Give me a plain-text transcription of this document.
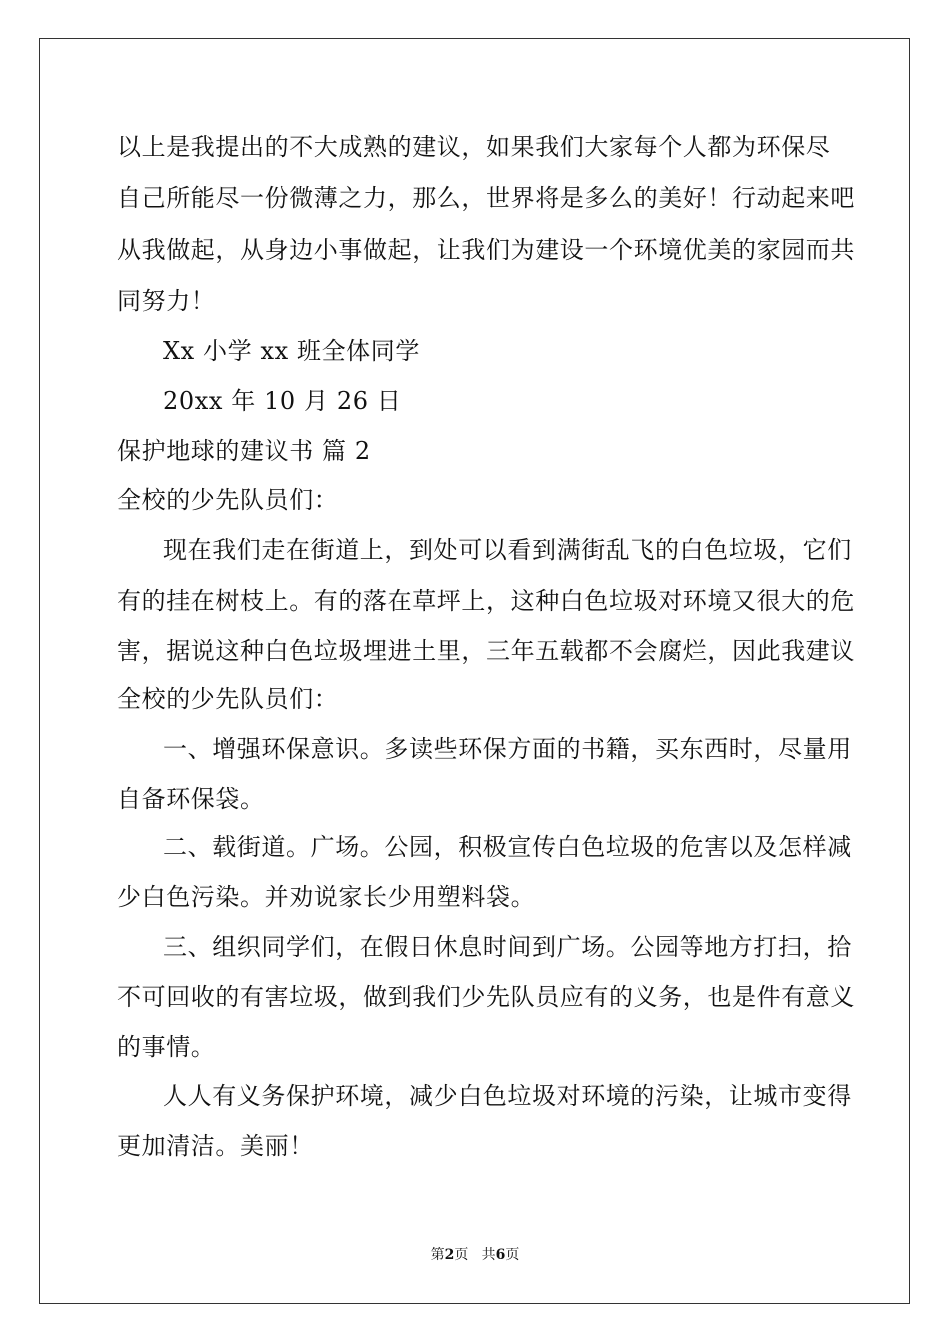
以上是我提出的不大成熟的建议，如果我们大家每个人都为环保尽
自己所能尽一份微薄之力，那么，世界将是多么的美好！行动起来吧
从我做起，从身边小事做起，让我们为建设一个环境优美的家园而共
同努力！
Xx 小学 xx 班全体同学
20xx 年 10 月 26 日
保护地球的建议书 篇 2
全校的少先队员们：
现在我们走在街道上，到处可以看到满街乱飞的白色垃圾，它们
有的挂在树枝上。有的落在草坪上，这种白色垃圾对环境又很大的危
害，据说这种白色垃圾埋进土里，三年五载都不会腐烂，因此我建议
全校的少先队员们：
一、增强环保意识。多读些环保方面的书籍，买东西时，尽量用
自备环保袋。
二、载街道。广场。公园，积极宣传白色垃圾的危害以及怎样减
少白色污染。并劝说家长少用塑料袋。
三、组织同学们，在假日休息时间到广场。公园等地方打扫，拾
不可回收的有害垃圾，做到我们少先队员应有的义务，也是件有意义
的事情。
人人有义务保护环境，减少白色垃圾对环境的污染，让城市变得
更加清洁。美丽！
第2页 共6页
